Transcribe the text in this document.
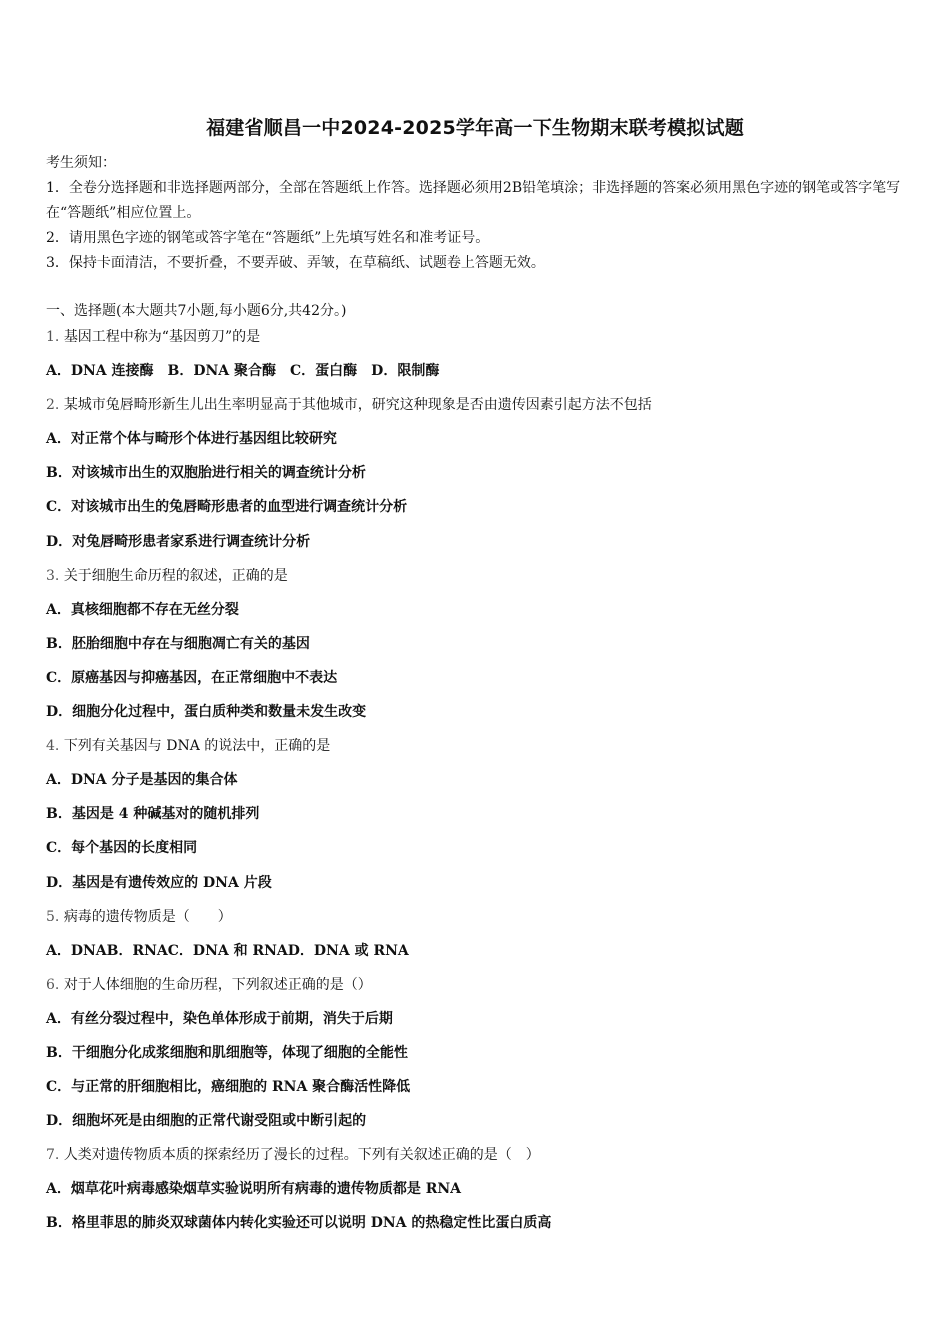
福建省顺昌一中2024-2025学年高一下生物期末联考模拟试题
考生须知：
1．全卷分选择题和非选择题两部分，全部在答题纸上作答。选择题必须用2B铅笔填涂；非选择题的答案必须用黑色字迹的钢笔或答字笔写在“答题纸”相应位置上。
2．请用黑色字迹的钢笔或答字笔在“答题纸”上先填写姓名和准考证号。
3．保持卡面清洁，不要折叠，不要弄破、弄皱，在草稿纸、试题卷上答题无效。
一、选择题(本大题共7小题,每小题6分,共42分。)
1. 基因工程中称为“基因剪刀”的是
A．DNA 连接酶　B．DNA 聚合酶　C．蛋白酶　D．限制酶
2. 某城市兔唇畸形新生儿出生率明显高于其他城市，研究这种现象是否由遗传因素引起方法不包括
A．对正常个体与畸形个体进行基因组比较研究
B．对该城市出生的双胞胎进行相关的调查统计分析
C．对该城市出生的兔唇畸形患者的血型进行调查统计分析
D．对兔唇畸形患者家系进行调查统计分析
3. 关于细胞生命历程的叙述，正确的是
A．真核细胞都不存在无丝分裂
B．胚胎细胞中存在与细胞凋亡有关的基因
C．原癌基因与抑癌基因，在正常细胞中不表达
D．细胞分化过程中，蛋白质种类和数量未发生改变
4. 下列有关基因与 DNA 的说法中，正确的是
A．DNA 分子是基因的集合体
B．基因是 4 种碱基对的随机排列
C．每个基因的长度相同
D．基因是有遗传效应的 DNA 片段
5. 病毒的遗传物质是（　　）
A．DNAB．RNAC．DNA 和 RNAD．DNA 或 RNA
6. 对于人体细胞的生命历程，下列叙述正确的是（）
A．有丝分裂过程中，染色单体形成于前期，消失于后期
B．干细胞分化成浆细胞和肌细胞等，体现了细胞的全能性
C．与正常的肝细胞相比，癌细胞的 RNA 聚合酶活性降低
D．细胞坏死是由细胞的正常代谢受阻或中断引起的
7. 人类对遗传物质本质的探索经历了漫长的过程。下列有关叙述正确的是（　）
A．烟草花叶病毒感染烟草实验说明所有病毒的遗传物质都是 RNA
B．格里菲思的肺炎双球菌体内转化实验还可以说明 DNA 的热稳定性比蛋白质高
